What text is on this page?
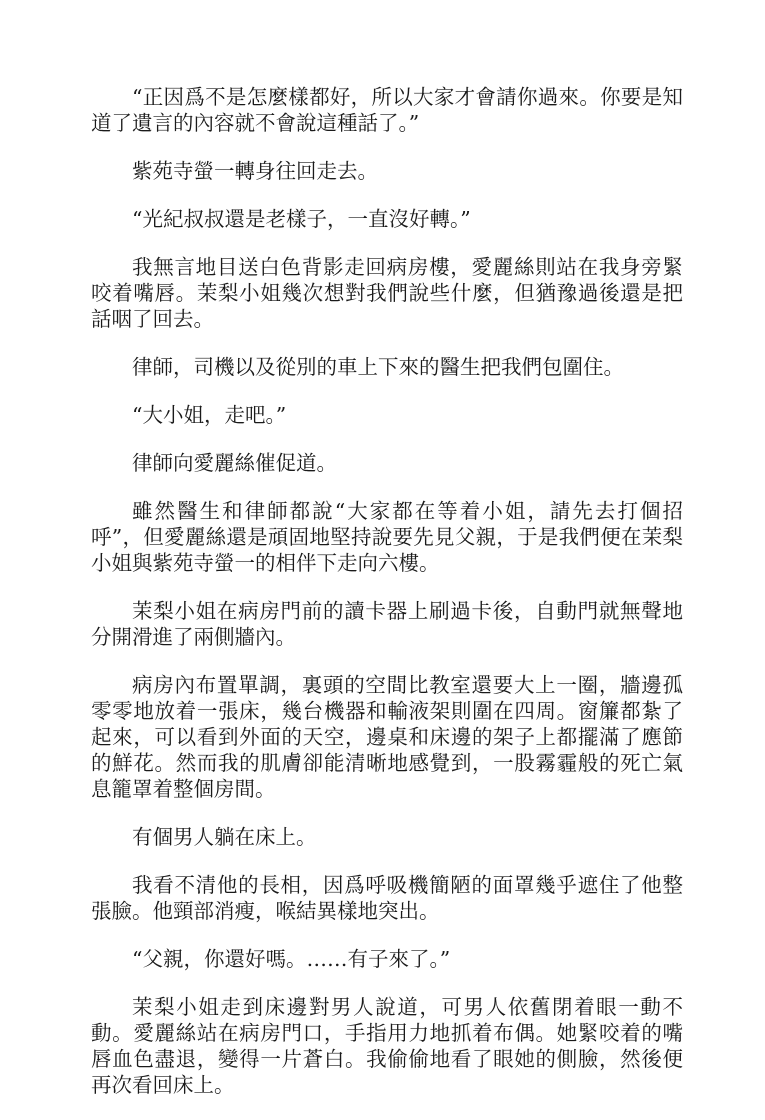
“正因爲不是怎麼樣都好，所以大家才會請你過來。你要是知道了遺言的內容就不會說這種話了。”

紫苑寺螢一轉身往回走去。

“光紀叔叔還是老樣子，一直沒好轉。”

我無言地目送白色背影走回病房樓，愛麗絲則站在我身旁緊咬着嘴唇。茉梨小姐幾次想對我們說些什麼，但猶豫過後還是把話咽了回去。

律師，司機以及從別的車上下來的醫生把我們包圍住。

“大小姐，走吧。”

律師向愛麗絲催促道。

雖然醫生和律師都說“大家都在等着小姐，請先去打個招呼”，但愛麗絲還是頑固地堅持說要先見父親，于是我們便在茉梨小姐與紫苑寺螢一的相伴下走向六樓。

茉梨小姐在病房門前的讀卡器上刷過卡後，自動門就無聲地分開滑進了兩側牆內。

病房內布置單調，裏頭的空間比教室還要大上一圈，牆邊孤零零地放着一張床，幾台機器和輸液架則圍在四周。窗簾都紮了起來，可以看到外面的天空，邊桌和床邊的架子上都擺滿了應節的鮮花。然而我的肌膚卻能清晰地感覺到，一股霧霾般的死亡氣息籠罩着整個房間。

有個男人躺在床上。

我看不清他的長相，因爲呼吸機簡陋的面罩幾乎遮住了他整張臉。他頸部消瘦，喉結異樣地突出。

“父親，你還好嗎。……有子來了。”

茉梨小姐走到床邊對男人說道，可男人依舊閉着眼一動不動。愛麗絲站在病房門口，手指用力地抓着布偶。她緊咬着的嘴唇血色盡退，變得一片蒼白。我偷偷地看了眼她的側臉，然後便再次看回床上。
